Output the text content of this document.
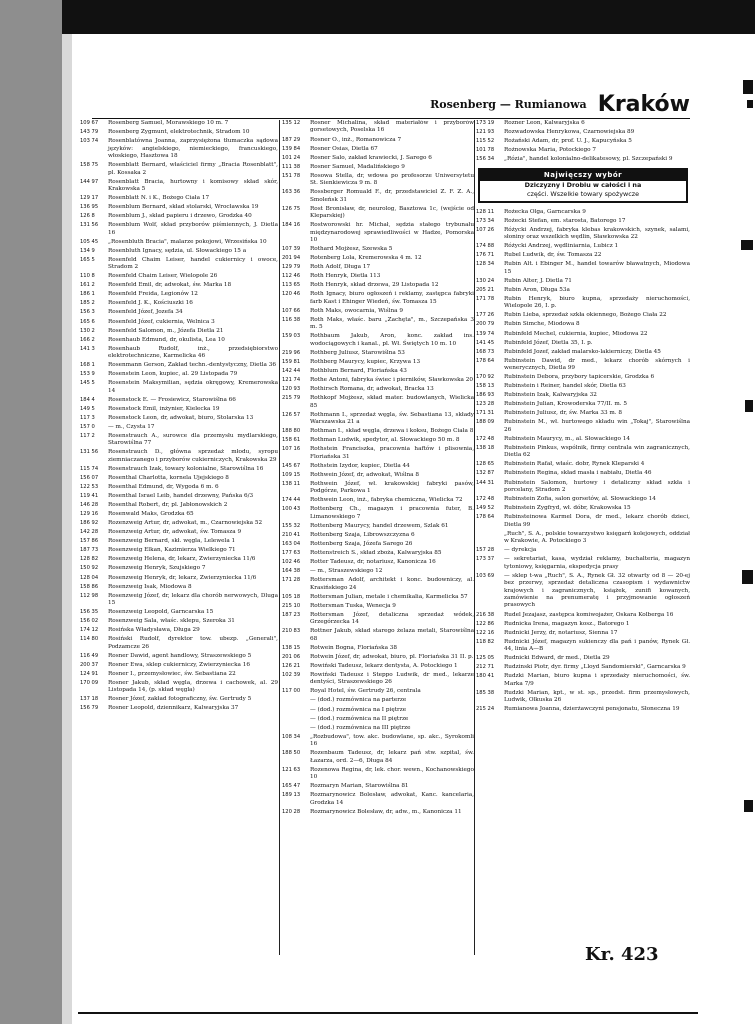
Rosenberg — Rumianowa Kraków
109 67	Rosenberg Samuel, Morawskiego 10 m. 7
143 79	Rosenberg Zygmunt, elektrotechnik, Stradom 10
103 74	Rosenblatówna Joanna, zaprzysiężona tłumaczka sądowa języków: angielskiego, niemieckiego, francuskiego, włoskiego, Hasztowa 18
158 75	Rosenblatt Bernard, właściciel firmy „Bracia Rosenblatt", pl. Kossaka 2
144 97	Rosenblatt Bracia, hurtowny i komisowy skład skór, Krakowska 5
129 17	Rosenblatt N. i K., Bożego Ciała 17
136 95	Rosenblum Bernard, skład stolarski, Wrocławska 19
126 8	Rosenblum J., skład papieru i drzewo, Grodzka 40
131 56	Rosenblum Wolf, skład przyborów piśmiennych, J. Dietla 16
105 45	„Rosenbluth Bracia", malarze pokojowi, Wrzesińska 10
134 9	Rosenbluth Ignacy, sędzia, ul. Słowackiego 15 a
165 5	Rosenfeld Chaim Leiser, handel cukiernicy i owoce, Stradom 2
110 8	Rosenfeld Chaim Leiser, Wielopole 26
161 2	Rosenfeld Emil, dr, adwokat, św. Marka 18
186 1	Rosenfeld Freida, Legionów 12
185 2	Rosenfeld J. K., Kościuszki 16
156 3	Rosenfeld Józef, Jozefa 34
165 6	Rosenfeld Józef, cukiernia, Welnica 3
130 2	Rosenfeld Salomon, m., Józefa Dietla 21
166 2	Rosenhaub Edmund, dr, okulista, Lea 10
141 3	Rosenhaub Rudolf, inż., przedsiębiorstwo elektrotechniczne, Karmelicka 46
168 1	Rosenmann Gerson, Zakład techn.-dentystyczny, Dietla 36
153 9	Rosenstein Leon, kupiec, al. 29 Listopada 79
145 5	Rosenstein Maksymilian, sędzia okręgowy, Kremerowska 14
184 4	Rosenstock E. — Frosiewicz, Starowiślna 66
149 5	Rosenstock Emil, inżynier, Kielecka 19
117 3	Rosenstock Leon, dr, adwokat, biuro, Stolarska 13
157 0	— m., Czysta 17
117 2	Rosenstrauch A., surowce dla przemysłu mydlarskiego, Starowiślna 77
131 56	Rosenstrauch D., główna sprzedaż młodu, syropu ziemniaczanego i przyborów cukierniczych, Krakowska 29
115 74	Rosenstrauch Izak, towary kolonialne, Starowiślna 16
156 07	Rosenthal Charlotta, kornela Ujejskiego 8
122 53	Rosenthal Edmund, dr, Wygoda 6 m. 6
119 41	Rosenthal Israel Leib, handel drzewny, Pańska 6/3
146 28	Rosenthal Robert, dr, pl. Jabłonowskich 2
129 16	Rosenwald Maks, Grodzka 65
186 92	Rozenzweig Artur, dr, adwokat, m., Czarnowiejska 52
142 28	Rosenzweig Artur, dr, adwokat, św. Tomasza 9
157 86	Rosenzweig Bernard, skł. węgla, Lelewela 1
187 73	Rosenzweig Elkan, Kazimierza Wielkiego 71
128 82	Rosenzweig Helena, dr, lekarz, Zwierzyniecka 11/6
150 92	Rosenzweig Henryk, Szujskiego 7
128 04	Rosenzweig Henryk, dr, lekarz, Zwierzyniecka 11/6
158 86	Rosenzweig Isak, Miodowa 8
112 98	Rosenzweig Józef, dr, lekarz dla chorób nerwowych, Dluga 15
156 35	Rosenzweig Leopold, Garncarska 15
156 02	Rosenzweig Sala, właśc. sklepu, Szeroka 31
174 12	Rosińska Władysława, Długa 29
114 80	Rosiński Rudolf, dyrektor tow. ubezp. „Generali", Podzamcze 26
116 49	Rosner Dawid, agent handlowy, Straszewskiego 5
200 37	Rosner Ewa, sklep cukierniczy, Zwierzyniecka 16
124 91	Rosner I., przemysłowiec, św. Sebastiana 22
170 09	Rosner Jakub, skład węgla, drzewa i cachowek, al. 29 Listopada 14, (p. skład węgla)
137 18	Rosner Józef, zakład fotograficzny, św. Gertrudy 5
156 79	Rosner Leopold, dziennikarz, Kalwaryjska 37
135 12	Rosner Michalina, skład materiałów i przyborów gorsetowych, Poselska 16
187 29	Rosner O., inż., Romanowicza 7
139 84	Rosner Osias, Dietla 67
101 24	Rosner Salo, zakład krawiecki, J. Sarego 6
111 38	Rosner Samuel, Madalińskiego 9
151 78	Rosowa Stella, dr, wdowa po profesorze Uniwersytetu St. Sienkiewicza 9 m. 8
163 36	Rossberger Romuald F., dr, przedstawiciel Z. F. Z. A., Smoleńsk 31
126 75	Rost Bronisław, dr, neurolog, Basztowa 1c, (wejście od Kleparskiej)
184 16	Rostworowski hr. Michał, sędzia stałego trybunału międzynarodowej sprawiedliwości w Hadze, Pomorska 10
107 39	Rothard Mojżesz, Szewska 5
201 94	Rotenberg Lola, Kremerowska 4 m. 12
129 79	Roth Adolf, Długa 17
112 46	Roth Henryk, Dietla 113
113 65	Roth Henryk, skład drzewa, 29 Listopada 12
120 46	Roth Ignacy, biuro ogłoszeń i reklamy, zastępca fabryki farb Kast i Ehinger Wiedeń, św. Tomasza 15
107 66	Roth Maks, owocarnia, Wiślna 9
116 38	Roth Maks, właśc. baru „Zachęta", m., Szczepańska 3 m. 5
159 03	Rothbaum Jakub, Aron, konc. zakład ins. wodociągowych i kanal., pl. Wł. Świętych 10 m. 10
219 96	Rothberg Juliusz, Starowiślna 53
159 81	Rothberg Maurycy, kupiec, Krzywa 13
142 44	Rothblum Bernard, Floriańska 43
121 74	Rothe Antoni, fabryka świec i pierników, Sławkowska 20
120 93	Rothirsch Romana, dr, adwokat, Bracka 13
215 79	Rothkopf Mojżesz, skład mater. budowlanych, Wielicka 85
126 57	Rothmann I., sprzedaż węgla, św. Sebastiana 13, składy Warszawska 21 a
188 80	Rothman I., skład węgla, drzewa i koksu, Bożego Ciała 8
158 61	Rothman Ludwik, spedytor, al. Słowackiego 50 m. 8
107 16	Rothstein Franciszka, pracownia haftów i plisownia, Floriańska 31
145 67	Rothstein Izydor, kupiec, Dietla 44
109 15	Rothwein Józef, dr, adwokat, Wiślna 8
138 11	Rothwein Józef, wł. krakowskiej fabryki pasów, Podgórze, Parkowa 1
174 44	Rothwein Leon, inż., fabryka chemiczna, Wielicka 72
100 43	Rottenberg Ch., magazyn i pracownia futer, B. Limanowskiego 7
155 32	Rottenberg Maurycy, handel drzewem, Szlak 61
210 41	Rottenberg Szaja, Librowszczyzna 6
163 04	Rottenberg Szaja, Józefa Sarego 26
177 63	Rottenstreich S., skład zboża, Kalwaryjska 85
102 46	Rotter Tadeusz, dr, notariusz, Kanonicza 16
164 38	— m., Straszewskiego 12
171 28	Rottersman Adolf, architekt i konc. budowniczy, al. Krasińskiego 24
105 18	Rottersman Julian, metale i chemikalia, Karmelicka 57
215 10	Rottersman Tuska, Wenecja 9
187 23	Rottersman Józef, detaliczna sprzedaż wódek, Grzegórzecka 14
210 83	Rottner Jakub, skład starego żelaza metali, Starowiślna 68
138 15	Rotwein Bogna, Floriańska 38
201 06	Rotwein Józef, dr, adwokat, biuro, pl. Floriańska 31 II. p.
126 21	Rowiński Tadeusz, lekarz dentysta, A. Potockiego 1
102 39	Rowiński Tadeusz i Steppo Ludwik, dr med., lekarze dentyści, Straszewskiego 26
117 00	Royal Hotel, św. Gertrudy 26, centrala
— (dod.) rozmównica na parterze
— (dod.) rozmównica na I piętrze
— (dod.) rozmównica na II piętrze
— (dod.) rozmównica na III piętrze
108 34	„Rozbudowa", tow. akc. budowlane, sp. akc., Syrokomli 16
188 50	Rozenbaum Tadeusz, dr, lekarz pań stw. szpital, św. Łazarza, ord. 2—6, Długa 84
121 63	Rozenowa Regina, dr, lek. chor. wewn., Kochanowskiego 10
165 47	Rozmaryn Marian, Starowiślna 81
189 13	Rozmarynowicz Bolesław, adwokat, Kanc. kancelaria, Grodzka 14
120 28	Rozmarynowicz Bolesław, dr, adw., m., Kanonicza 11
173 19	Rozner Leon, Kalwaryjska 6
121 93	Rozwadowska Henrykowa, Czarnowiejska 89
115 52	Rożański Adam, dr, prof. U. J., Kapucyńska 5
101 78	Rożnowska Maria, Potockiego 7
156 34	„Rózia", handel kolonialno-delikatesowy, pl. Szczepański 9
Najwięcszy wybór
Dziczyzny i Drobiu w całości i na
części. Wszelkie towary spożywcze
128 11	Rożecka Olga, Garncarska 9
173 34	Rożecki Stefan, em. starosta, Batorego 17
107 26	Różycki Andrzej, fabryka klebas krakowskich, szynek, salami, słoniny oraz wszelkich wędlin, Sławkowska 22
174 88	Różycki Andrzej, wędliniarnia, Lubicz 1
176 71	Rubel Ludwik, dr, św. Tomasza 22
128 34	Rubin Alt. i Ebinger M., handel towarów bławatnych, Miodowa 15
130 24	Rubin Alter, J. Dietla 71
205 21	Rubin Aron, Długa 53a
171 78	Rubin Henryk, biuro kupna, sprzedaży nieruchomości, Wielopole 26, I. p.
177 26	Rubin Lieba, sprzedaż szkła okiennego, Bożego Ciała 22
200 79	Rubin Simche, Miodowa 8
139 74	Rubinfeld Mechel, cukiernia, kupiec, Miodowa 22
141 45	Rubinfeld Józef, Dietla 35, I. p.
168 73	Rubinfeld Jozef, zakład malarsko-lakierniczy, Dietla 45
178 64	Rubinstein Dawid, dr med., lekarz chorób skórnych i wenerycznych, Dietla 99
170 92	Rubinstein Debora, przybory tapicerskie, Grodzka 6
158 13	Rubinstein i Reiner, handel skór, Dietla 63
186 93	Rubinstein Izak, Kalwaryjska 32
123 28	Rubinstein Julian, Krowoderska 77/II. m. 5
171 31	Rubinstein Juliusz, dr, św. Marka 33 m. 8
188 09	Rubinstein M., wł. hurtowego składu win „Tokaj", Starowiślna 26
172 48	Rubinstein Maurycy, m., al. Słowackiego 14
138 18	Rubinstein Pinkus, wspólnik, firmy centrala win zagranicznych, Dietla 62
128 65	Rubinstein Rafał, właśc. dobr, Rynek Kleparski 4
132 87	Rubinstein Regina, skład masła i nabiału, Dietla 46
144 31	Rubinstein Salomon, hurtowy i detaliczny skład szkła i porcelany, Stradom 2
172 48	Rubinstein Zofia, salon gorsetów, al. Słowackiego 14
149 52	Rubinstein Zygfryd, wł. dóbr, Krakowska 15
178 64	Rubinsteinowa Karmel Dora, dr med., lekarz chorób dzieci, Dietla 99
„Ruch", S. A., polskie towarzystwo księgarń kolejowych, oddział w Krakowie, A. Potockiego 3
157 28	— dyrekcja
173 37	— sekretariat, kasa, wydział reklamy, buchalteria, magazyn tytoniowy, księgarnia, ekspedycja prasy
103 69	— sklep t-wa „Ruch", S. A., Rynek Gł. 32 otwarty od 8 — 20-ej bez przerwy, sprzedaż detaliczna czasopism i wydawnictw krajowych i zagranicznych, książek, zunifi kowanych, zamówienie na prenumeratę i przyjmowanie ogłoszeń prasowych
216 38	Rudel Jezajasz, zastępca komiwojażer, Oskara Kolberga 16
122 86	Rudnicka Irena, magazyn kosz., Batorego 1
122 16	Rudnicki Jerzy, dr, notariusz, Sienna 17
118 82	Rudnicki Józef, magazyn sukienczy dla pań i panów, Rynek Gł. 44, linia A—B
125 05	Rudnicki Edward, dr med., Dietla 29
212 71	Rudzinski Piotr, dyr. firmy „Lloyd Sandomierski", Garncarska 9
180 41	Rudzki Marian, biuro kupna i sprzedaży nieruchomości, św. Marka 7/9
185 38	Rudzki Marian, kpt., w st. sp., przedst. firm przemysłowych, Ludwik, Olkuska 26
215 24	Rumianowa Joanna, dzierżawczyni pensjonatu, Słoneczna 19
Kr. 423
